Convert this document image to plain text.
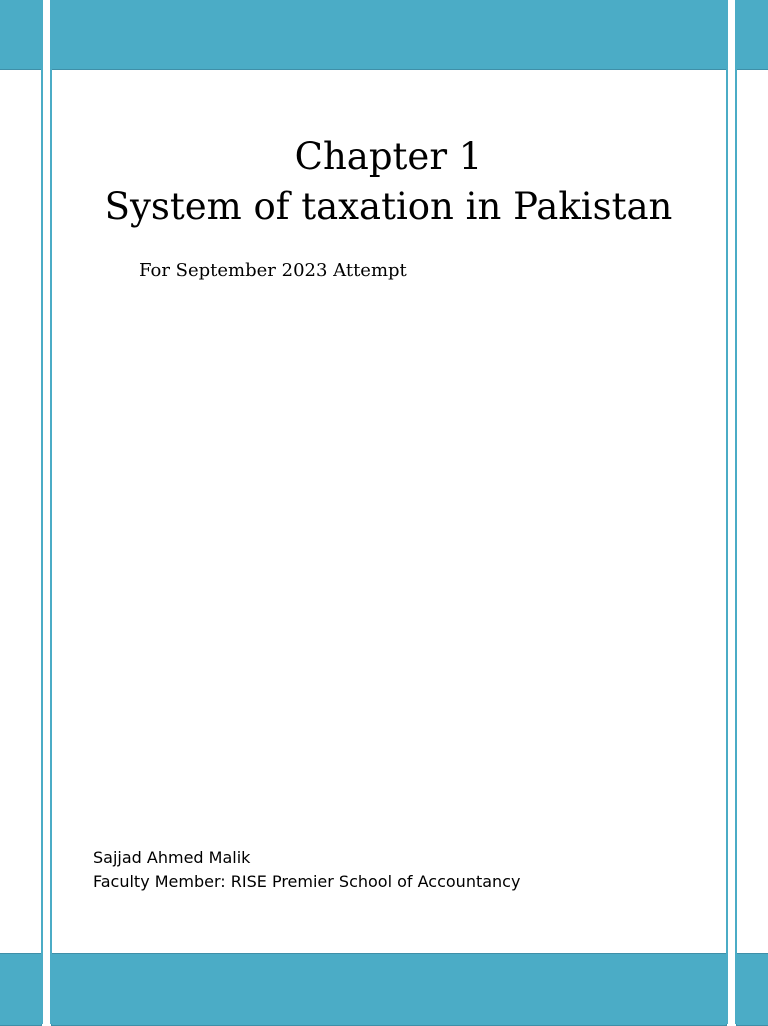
Chapter 1
System of taxation in Pakistan
For September 2023 Attempt
Sajjad Ahmed Malik
Faculty Member: RISE Premier School of Accountancy
